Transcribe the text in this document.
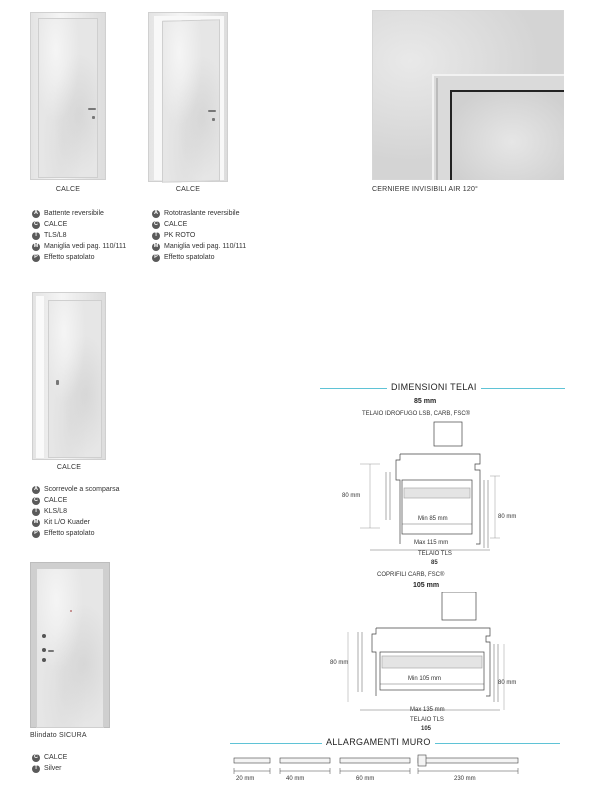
CALCE
A Battente reversibile
C CALCE
T TLS/L8
M Maniglia vedi pag. 110/111
P Effetto spatolato
CALCE
A Rototraslante reversibile
C CALCE
T PK ROTO
M Maniglia vedi pag. 110/111
P Effetto spatolato
CERNIERE INVISIBILI AIR 120°
CALCE
A Scorrevole a scomparsa
C CALCE
T KLS/L8
M Kit L/O Kuader
P Effetto spatolato
Blindato SICURA
C CALCE
T Silver
DIMENSIONI TELAI
85 mm
TELAIO IDROFUGO LSB, CARB, FSC®
80 mm
80 mm
Min 85 mm
Max 115 mm
TELAIO TLS
85
COPRIFILI CARB, FSC®
105 mm
80 mm
80 mm
Min 105 mm
Max 135 mm
TELAIO TLS
105
ALLARGAMENTI MURO
20 mm	40 mm	60 mm	230 mm
